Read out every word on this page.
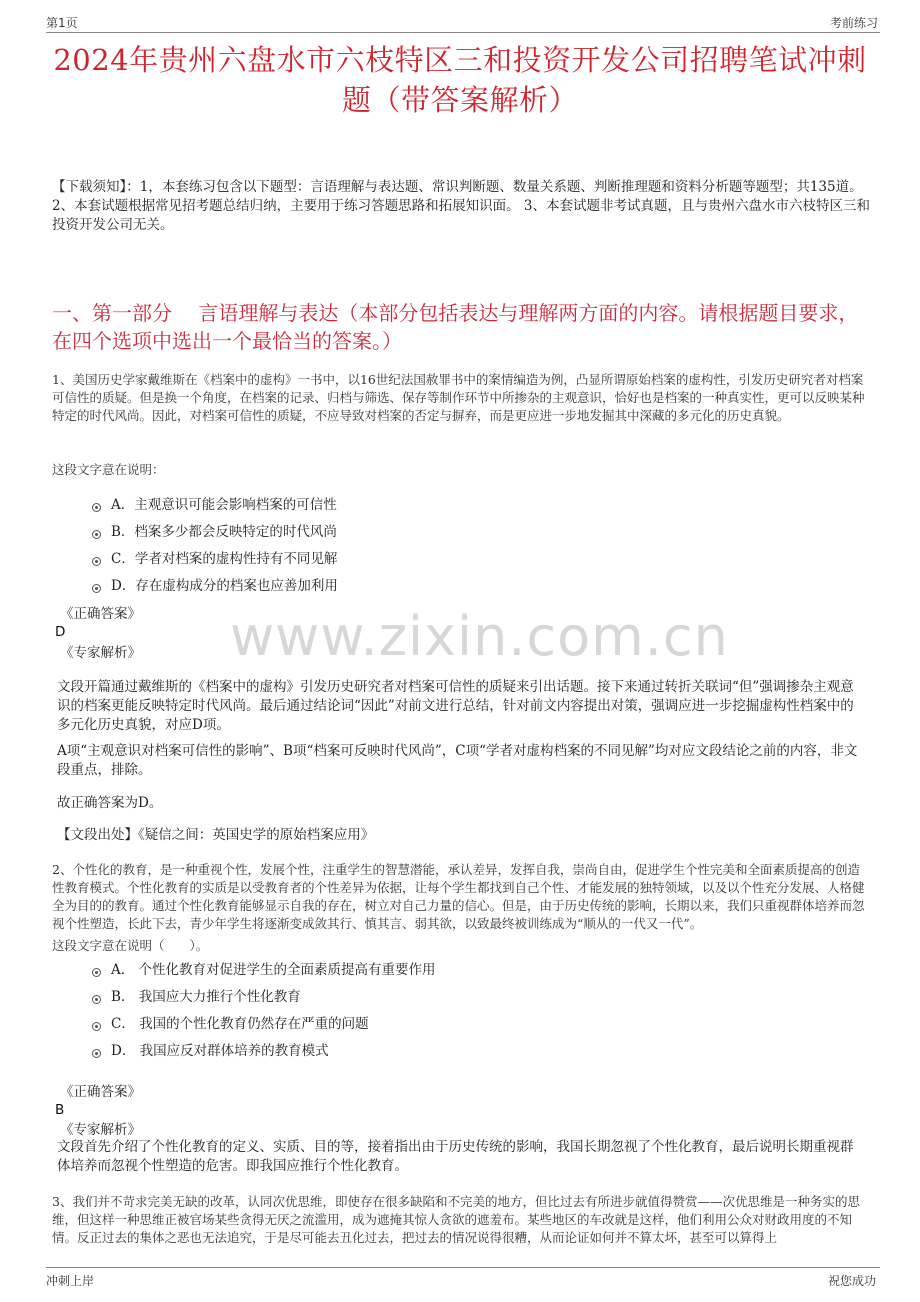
第1页	考前练习
2024年贵州六盘水市六枝特区三和投资开发公司招聘笔试冲刺题（带答案解析）
【下载须知】：1，本套练习包含以下题型：言语理解与表达题、常识判断题、数量关系题、判断推理题和资料分析题等题型；共135道。 2、本套试题根据常见招考题总结归纳，主要用于练习答题思路和拓展知识面。 3、本套试题非考试真题，且与贵州六盘水市六枝特区三和投资开发公司无关。
一、第一部分　 言语理解与表达（本部分包括表达与理解两方面的内容。请根据题目要求，在四个选项中选出一个最恰当的答案。）
1、美国历史学家戴维斯在《档案中的虚构》一书中，以16世纪法国赦罪书中的案情编造为例，凸显所谓原始档案的虚构性，引发历史研究者对档案可信性的质疑。但是换一个角度，在档案的记录、归档与筛选、保存等制作环节中所掺杂的主观意识，恰好也是档案的一种真实性，更可以反映某种特定的时代风尚。因此，对档案可信性的质疑，不应导致对档案的否定与摒弃，而是更应进一步地发掘其中深藏的多元化的历史真貌。
这段文字意在说明：
A．主观意识可能会影响档案的可信性
B．档案多少都会反映特定的时代风尚
C．学者对档案的虚构性持有不同见解
D．存在虚构成分的档案也应善加利用
《正确答案》
D
《专家解析》 www.zixin.com.cn
文段开篇通过戴维斯的《档案中的虚构》引发历史研究者对档案可信性的质疑来引出话题。接下来通过转折关联词“但”强调掺杂主观意识的档案更能反映特定时代风尚。最后通过结论词“因此”对前文进行总结，针对前文内容提出对策，强调应进一步挖掘虚构性档案中的多元化历史真貌，对应D项。
A项“主观意识对档案可信性的影响”、B项“档案可反映时代风尚”，C项“学者对虚构档案的不同见解”均对应文段结论之前的内容，非文段重点，排除。
故正确答案为D。
【文段出处】《疑信之间：英国史学的原始档案应用》
2、个性化的教育，是一种重视个性，发展个性，注重学生的智慧潜能，承认差异，发挥自我，崇尚自由，促进学生个性完美和全面素质提高的创造性教育模式。个性化教育的实质是以受教育者的个性差异为依据，让每个学生都找到自己个性、才能发展的独特领域，以及以个性充分发展、人格健全为目的的教育。通过个性化教育能够显示自我的存在，树立对自己力量的信心。但是，由于历史传统的影响，长期以来，我们只重视群体培养而忽视个性塑造，长此下去，青少年学生将逐渐变成敛其行、慎其言、弱其欲，以致最终被训练成为“顺从的一代又一代”。
这段文字意在说明（　　）。
A． 个性化教育对促进学生的全面素质提高有重要作用
B． 我国应大力推行个性化教育
C． 我国的个性化教育仍然存在严重的问题
D． 我国应反对群体培养的教育模式
《正确答案》
B
《专家解析》
文段首先介绍了个性化教育的定义、实质、目的等，接着指出由于历史传统的影响，我国长期忽视了个性化教育，最后说明长期重视群体培养而忽视个性塑造的危害。即我国应推行个性化教育。
3、我们并不苛求完美无缺的改革，认同次优思维，即使存在很多缺陷和不完美的地方，但比过去有所进步就值得赞赏——次优思维是一种务实的思维，但这样一种思维正被官场某些贪得无厌之流滥用，成为遮掩其惊人贪欲的遮羞布。某些地区的车改就是这样，他们利用公众对财政用度的不知情。反正过去的集体之恶也无法追究，于是尽可能去丑化过去，把过去的情况说得很糟，从而论证如何并不算太坏，甚至可以算得上
冲刺上岸	祝您成功
